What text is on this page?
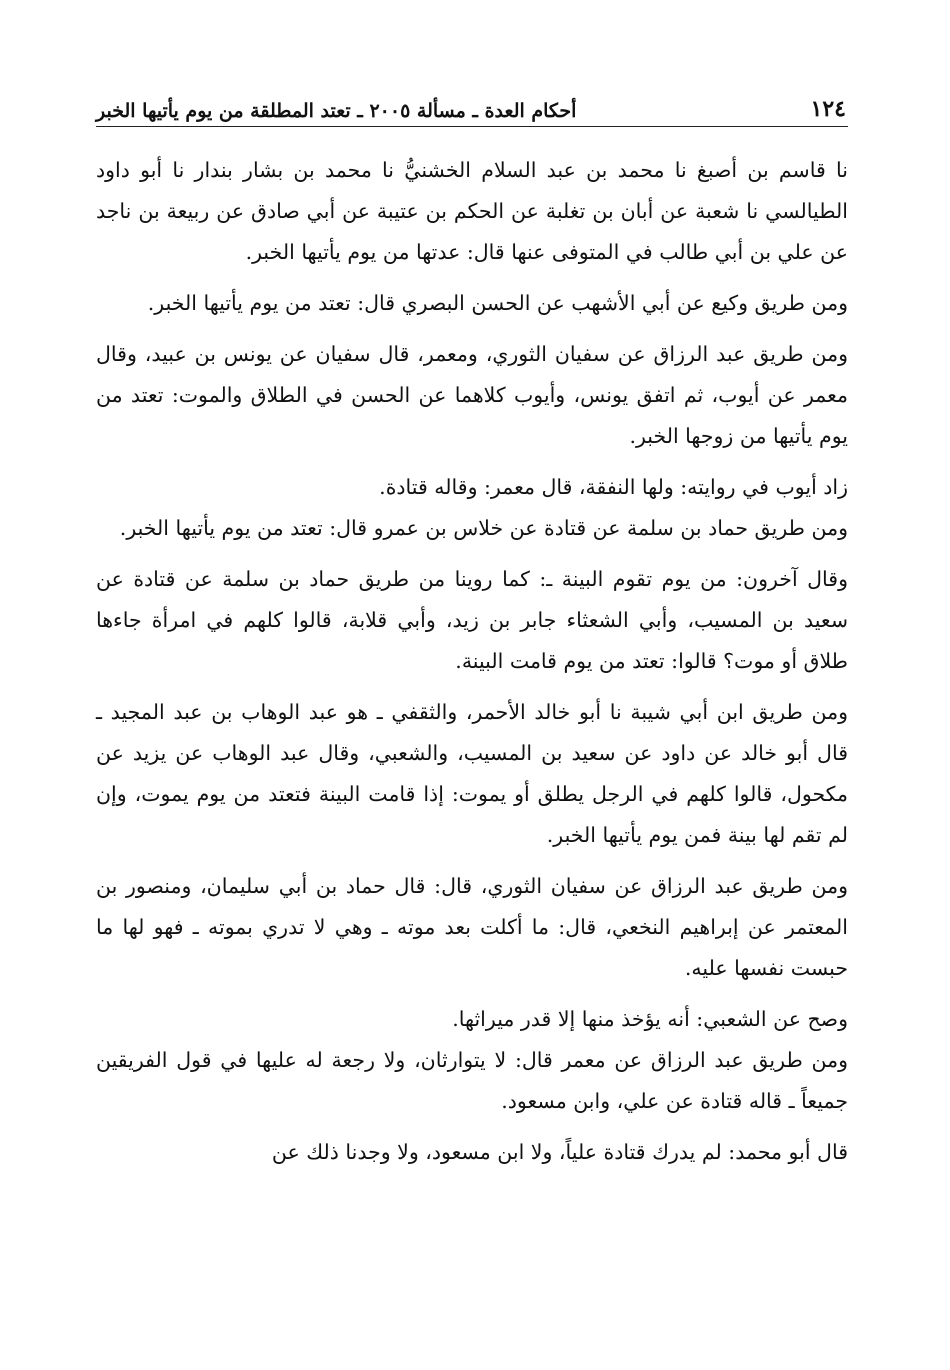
١٢٤
أحكام العدة ـ مسألة ٢٠٠٥ ـ تعتد المطلقة من يوم يأتيها الخبر

نا قاسم بن أصبغ نا محمد بن عبد السلام الخشنيُّ نا محمد بن بشار بندار نا أبو داود الطيالسي نا شعبة عن أبان بن تغلبة عن الحكم بن عتيبة عن أبي صادق عن ربيعة بن ناجد عن علي بن أبي طالب في المتوفى عنها قال: عدتها من يوم يأتيها الخبر.

ومن طريق وكيع عن أبي الأشهب عن الحسن البصري قال: تعتد من يوم يأتيها الخبر.

ومن طريق عبد الرزاق عن سفيان الثوري، ومعمر، قال سفيان عن يونس بن عبيد، وقال معمر عن أيوب، ثم اتفق يونس، وأيوب كلاهما عن الحسن في الطلاق والموت: تعتد من يوم يأتيها من زوجها الخبر.

زاد أيوب في روايته: ولها النفقة، قال معمر: وقاله قتادة.

ومن طريق حماد بن سلمة عن قتادة عن خلاس بن عمرو قال: تعتد من يوم يأتيها الخبر.

وقال آخرون: من يوم تقوم البينة ـ: كما روينا من طريق حماد بن سلمة عن قتادة عن سعيد بن المسيب، وأبي الشعثاء جابر بن زيد، وأبي قلابة، قالوا كلهم في امرأة جاءها طلاق أو موت؟ قالوا: تعتد من يوم قامت البينة.

ومن طريق ابن أبي شيبة نا أبو خالد الأحمر، والثقفي ـ هو عبد الوهاب بن عبد المجيد ـ قال أبو خالد عن داود عن سعيد بن المسيب، والشعبي، وقال عبد الوهاب عن يزيد عن مكحول، قالوا كلهم في الرجل يطلق أو يموت: إذا قامت البينة فتعتد من يوم يموت، وإن لم تقم لها بينة فمن يوم يأتيها الخبر.

ومن طريق عبد الرزاق عن سفيان الثوري، قال: قال حماد بن أبي سليمان، ومنصور بن المعتمر عن إبراهيم النخعي، قال: ما أكلت بعد موته ـ وهي لا تدري بموته ـ فهو لها ما حبست نفسها عليه.

وصح عن الشعبي: أنه يؤخذ منها إلا قدر ميراثها.

ومن طريق عبد الرزاق عن معمر قال: لا يتوارثان، ولا رجعة له عليها في قول الفريقين جميعاً ـ قاله قتادة عن علي، وابن مسعود.

قال أبو محمد: لم يدرك قتادة علياً، ولا ابن مسعود، ولا وجدنا ذلك عن
